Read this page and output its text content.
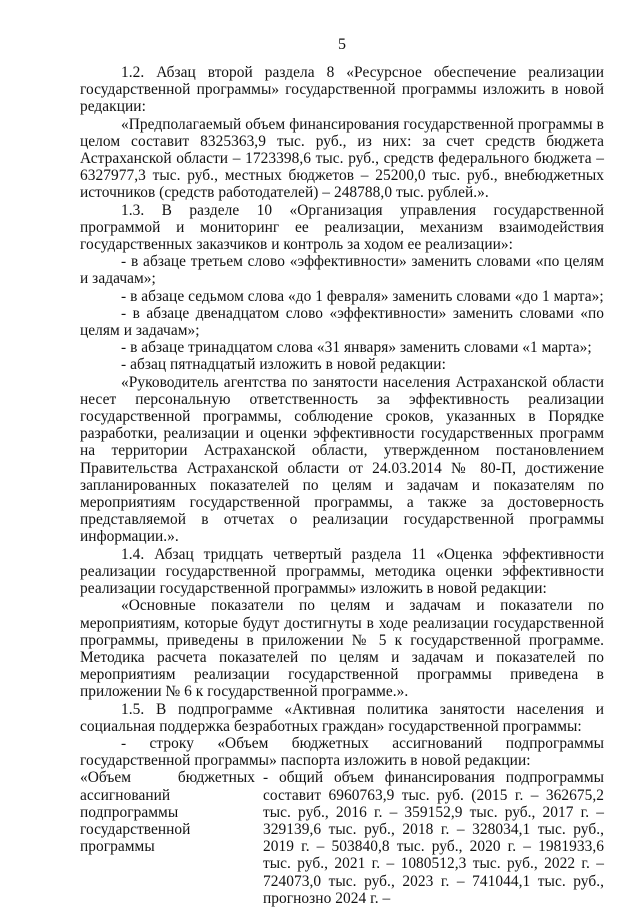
5

1.2. Абзац второй раздела 8 «Ресурсное обеспечение реализации государственной программы» государственной программы изложить в новой редакции:

«Предполагаемый объем финансирования государственной программы в целом составит 8325363,9 тыс. руб., из них: за счет средств бюджета Астраханской области – 1723398,6 тыс. руб., средств федерального бюджета – 6327977,3 тыс. руб., местных бюджетов – 25200,0 тыс. руб., внебюджетных источников (средств работодателей) – 248788,0 тыс. рублей.».

1.3. В разделе 10 «Организация управления государственной программой и мониторинг ее реализации, механизм взаимодействия государственных заказчиков и контроль за ходом ее реализации»:

- в абзаце третьем слово «эффективности» заменить словами «по целям и задачам»;

- в абзаце седьмом слова «до 1 февраля» заменить словами «до 1 марта»;

- в абзаце двенадцатом слово «эффективности» заменить словами «по целям и задачам»;

- в абзаце тринадцатом слова «31 января» заменить словами «1 марта»;

- абзац пятнадцатый изложить в новой редакции:

«Руководитель агентства по занятости населения Астраханской области несет персональную ответственность за эффективность реализации государственной программы, соблюдение сроков, указанных в Порядке разработки, реализации и оценки эффективности государственных программ на территории Астраханской области, утвержденном постановлением Правительства Астраханской области от 24.03.2014 № 80-П, достижение запланированных показателей по целям и задачам и показателям по мероприятиям государственной программы, а также за достоверность представляемой в отчетах о реализации государственной программы информации.».

1.4. Абзац тридцать четвертый раздела 11 «Оценка эффективности реализации государственной программы, методика оценки эффективности реализации государственной программы» изложить в новой редакции:

«Основные показатели по целям и задачам и показатели по мероприятиям, которые будут достигнуты в ходе реализации государственной программы, приведены в приложении № 5 к государственной программе. Методика расчета показателей по целям и задачам и показателей по мероприятиям реализации государственной программы приведена в приложении № 6 к государственной программе.».

1.5. В подпрограмме «Активная политика занятости населения и социальная поддержка безработных граждан» государственной программы:

- строку «Объем бюджетных ассигнований подпрограммы государственной программы» паспорта изложить в новой редакции:

«Объем бюджетных ассигнований подпрограммы государственной программы
- общий объем финансирования подпрограммы составит 6960763,9 тыс. руб. (2015 г. – 362675,2 тыс. руб., 2016 г. – 359152,9 тыс. руб., 2017 г. – 329139,6 тыс. руб., 2018 г. – 328034,1 тыс. руб., 2019 г. – 503840,8 тыс. руб., 2020 г. – 1981933,6 тыс. руб., 2021 г. – 1080512,3 тыс. руб., 2022 г. – 724073,0 тыс. руб., 2023 г. – 741044,1 тыс. руб., прогнозно 2024 г. –
